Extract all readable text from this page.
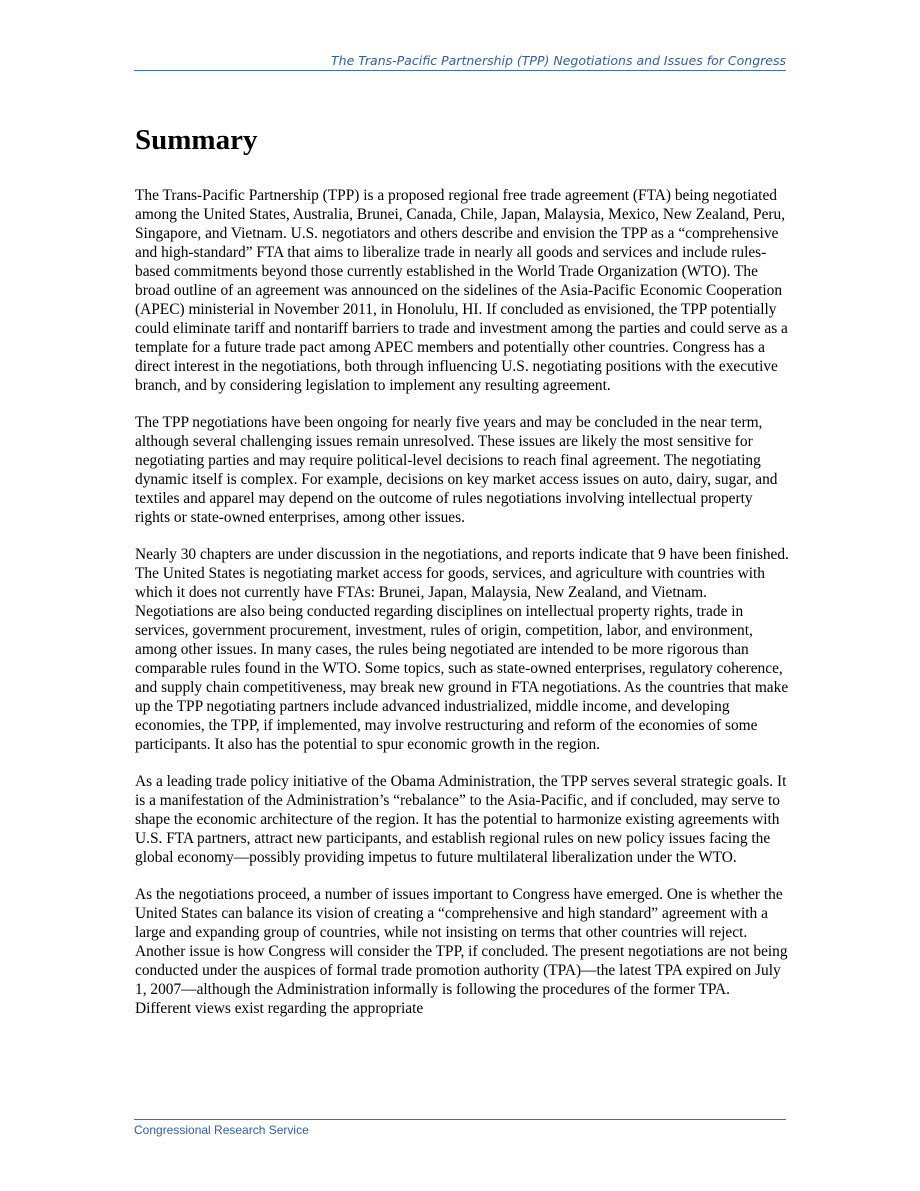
The Trans-Pacific Partnership (TPP) Negotiations and Issues for Congress
Summary

The Trans-Pacific Partnership (TPP) is a proposed regional free trade agreement (FTA) being negotiated among the United States, Australia, Brunei, Canada, Chile, Japan, Malaysia, Mexico, New Zealand, Peru, Singapore, and Vietnam. U.S. negotiators and others describe and envision the TPP as a “comprehensive and high-standard” FTA that aims to liberalize trade in nearly all goods and services and include rules-based commitments beyond those currently established in the World Trade Organization (WTO). The broad outline of an agreement was announced on the sidelines of the Asia-Pacific Economic Cooperation (APEC) ministerial in November 2011, in Honolulu, HI. If concluded as envisioned, the TPP potentially could eliminate tariff and nontariff barriers to trade and investment among the parties and could serve as a template for a future trade pact among APEC members and potentially other countries. Congress has a direct interest in the negotiations, both through influencing U.S. negotiating positions with the executive branch, and by considering legislation to implement any resulting agreement.

The TPP negotiations have been ongoing for nearly five years and may be concluded in the near term, although several challenging issues remain unresolved. These issues are likely the most sensitive for negotiating parties and may require political-level decisions to reach final agreement. The negotiating dynamic itself is complex. For example, decisions on key market access issues on auto, dairy, sugar, and textiles and apparel may depend on the outcome of rules negotiations involving intellectual property rights or state-owned enterprises, among other issues.

Nearly 30 chapters are under discussion in the negotiations, and reports indicate that 9 have been finished. The United States is negotiating market access for goods, services, and agriculture with countries with which it does not currently have FTAs: Brunei, Japan, Malaysia, New Zealand, and Vietnam. Negotiations are also being conducted regarding disciplines on intellectual property rights, trade in services, government procurement, investment, rules of origin, competition, labor, and environment, among other issues. In many cases, the rules being negotiated are intended to be more rigorous than comparable rules found in the WTO. Some topics, such as state-owned enterprises, regulatory coherence, and supply chain competitiveness, may break new ground in FTA negotiations. As the countries that make up the TPP negotiating partners include advanced industrialized, middle income, and developing economies, the TPP, if implemented, may involve restructuring and reform of the economies of some participants. It also has the potential to spur economic growth in the region.

As a leading trade policy initiative of the Obama Administration, the TPP serves several strategic goals. It is a manifestation of the Administration’s “rebalance” to the Asia-Pacific, and if concluded, may serve to shape the economic architecture of the region. It has the potential to harmonize existing agreements with U.S. FTA partners, attract new participants, and establish regional rules on new policy issues facing the global economy—possibly providing impetus to future multilateral liberalization under the WTO.

As the negotiations proceed, a number of issues important to Congress have emerged. One is whether the United States can balance its vision of creating a “comprehensive and high standard” agreement with a large and expanding group of countries, while not insisting on terms that other countries will reject. Another issue is how Congress will consider the TPP, if concluded. The present negotiations are not being conducted under the auspices of formal trade promotion authority (TPA)—the latest TPA expired on July 1, 2007—although the Administration informally is following the procedures of the former TPA. Different views exist regarding the appropriate

Congressional Research Service
